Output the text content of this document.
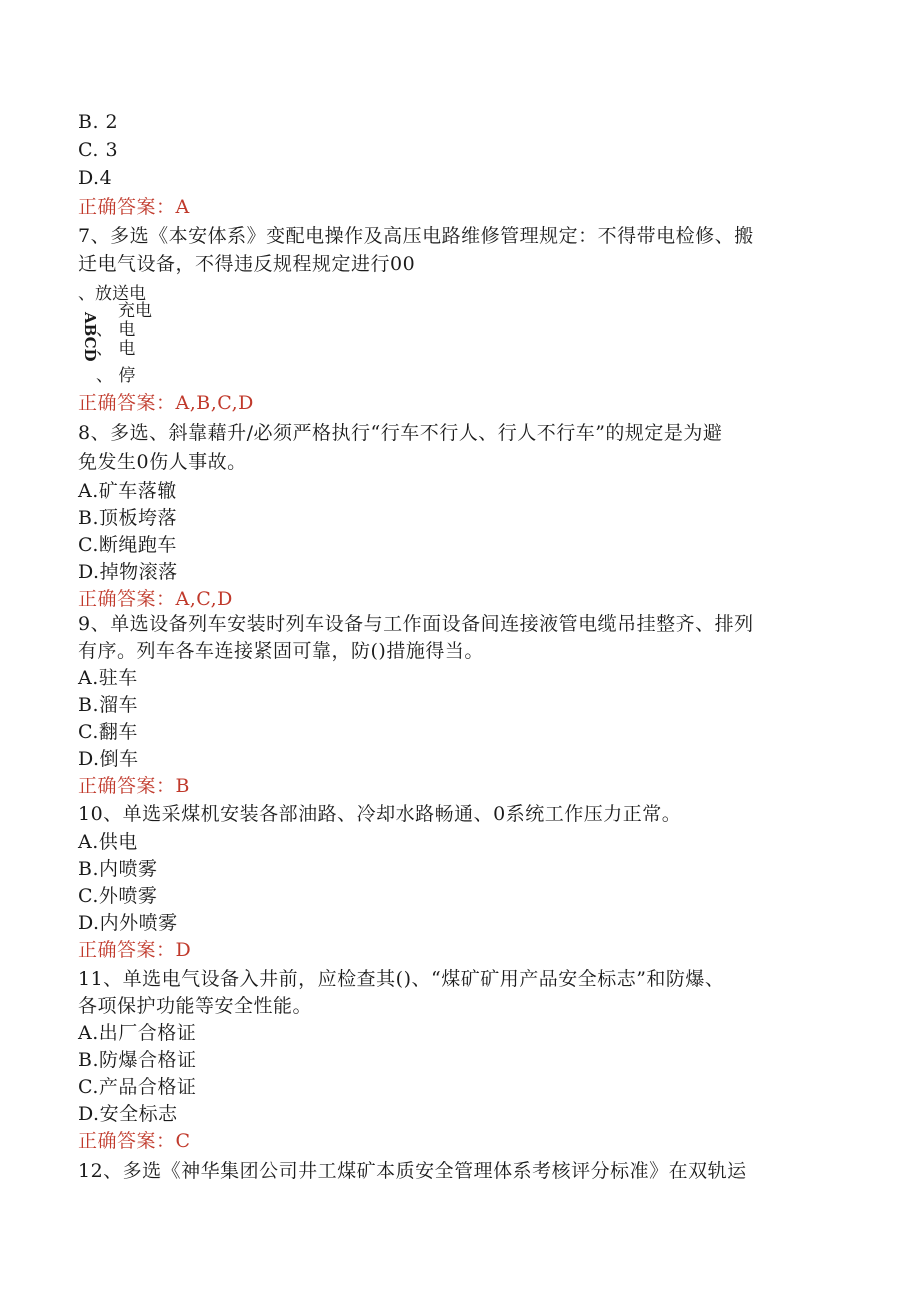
B. 2
C. 3
D.4
正确答案：A
7、多选《本安体系》变配电操作及高压电路维修管理规定：不得带电检修、搬
迁电气设备，不得违反规程规定进行00
、放送电
充电
、 电
、 电
、 停
ABCD
正确答案：A,B,C,D
8、多选、斜靠藉升/必须严格执行“行车不行人、行人不行车”的规定是为避
免发生0伤人事故。
A.矿车落辙
B.顶板垮落
C.断绳跑车
D.掉物滚落
正确答案：A,C,D
9、单选设备列车安装时列车设备与工作面设备间连接液管电缆吊挂整齐、排列
有序。列车各车连接紧固可靠，防()措施得当。
A.驻车
B.溜车
C.翻车
D.倒车
正确答案：B
10、单选采煤机安装各部油路、冷却水路畅通、0系统工作压力正常。
A.供电
B.内喷雾
C.外喷雾
D.内外喷雾
正确答案：D
11、单选电气设备入井前，应检查其()、“煤矿矿用产品安全标志”和防爆、
各项保护功能等安全性能。
A.出厂合格证
B.防爆合格证
C.产品合格证
D.安全标志
正确答案：C
12、多选《神华集团公司井工煤矿本质安全管理体系考核评分标准》在双轨运
